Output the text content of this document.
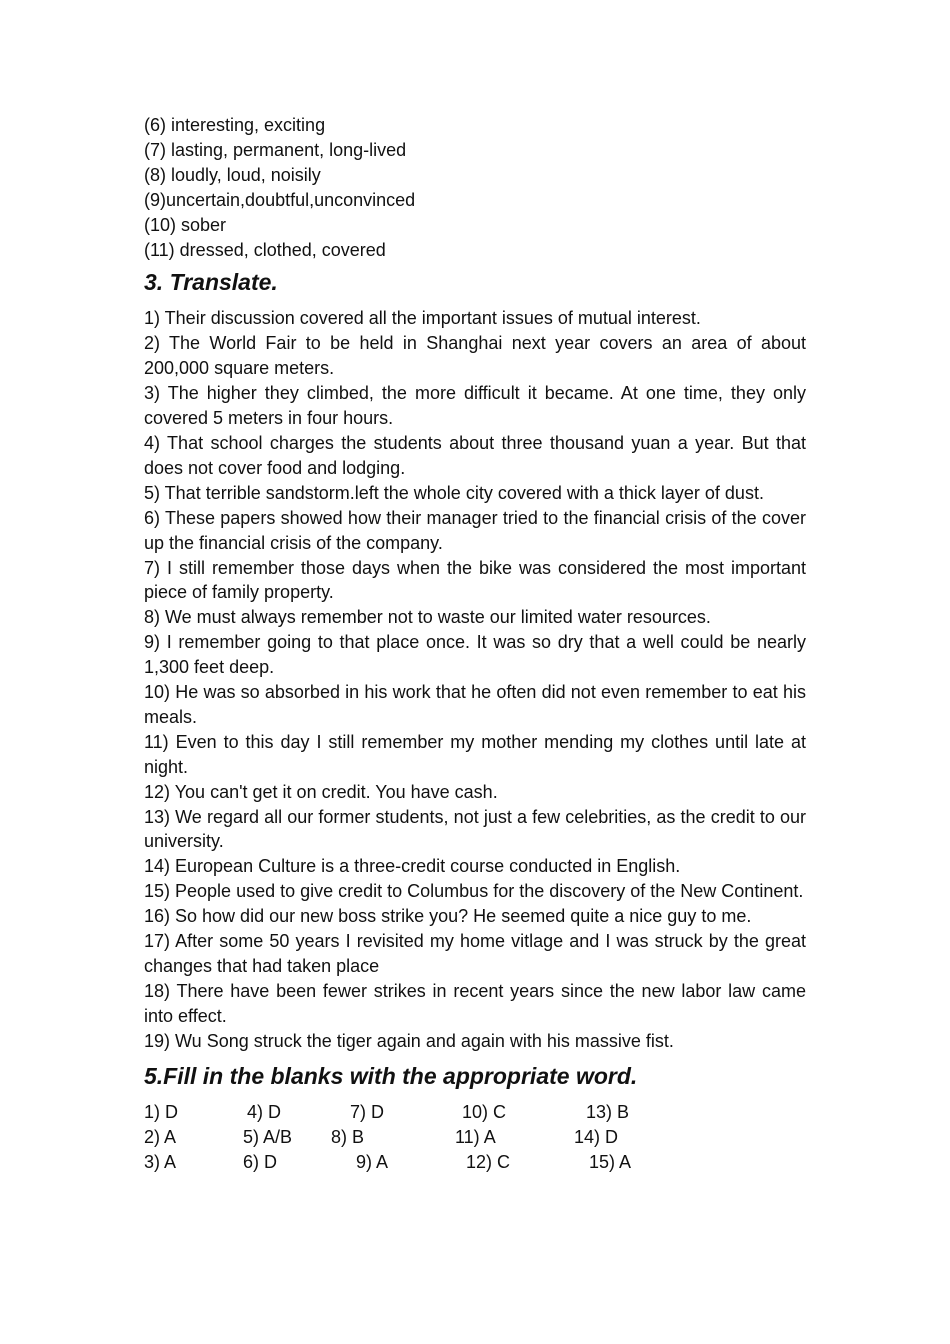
(6) interesting, exciting

(7) lasting, permanent, long-lived

(8) loudly, loud, noisily

(9)uncertain,doubtful,unconvinced

(10) sober

(11) dressed, clothed, covered

3. Translate.

1) Their discussion covered all the important issues of mutual interest.

2) The World Fair to be held in Shanghai next year covers an area of about 200,000 square meters.

3) The higher they climbed, the more difficult it became. At one time, they only covered 5 meters in four hours.

4) That school charges the students about three thousand yuan a year. But that does not cover food and lodging.

5) That terrible sandstorm.left the whole city covered with a thick layer of dust.

6) These papers showed how their manager tried to the financial crisis of the cover up the financial crisis of the company.

7) I still remember those days when the bike was considered the most important piece of family property.

8) We must always remember not to waste our limited water resources.

9) I remember going to that place once. It was so dry that a well could be nearly 1,300 feet deep.

10) He was so absorbed in his work that he often did not even remember to eat his meals.

11) Even to this day I still remember my mother mending my clothes until late at night.

12) You can't get it on credit. You have cash.

13) We regard all our former students, not just a few celebrities, as the credit to our university.

14) European Culture is a three-credit course conducted in English.

15) People used to give credit to Columbus for the discovery of the New Continent.

16) So how did our new boss strike you? He seemed quite a nice guy to me.

17) After some 50 years I revisited my home vitlage and I was struck by the great changes that had taken place

18) There have been fewer strikes in recent years since the new labor law came into effect.

19) Wu Song struck the tiger again and again with his massive fist.

5.Fill in the blanks with the appropriate word.
1) D	4) D	7) D	10) C	13) B
2) A	5) A/B 8) B	11) A	14) D
3) A	6) D	9) A	12) C	15) A
